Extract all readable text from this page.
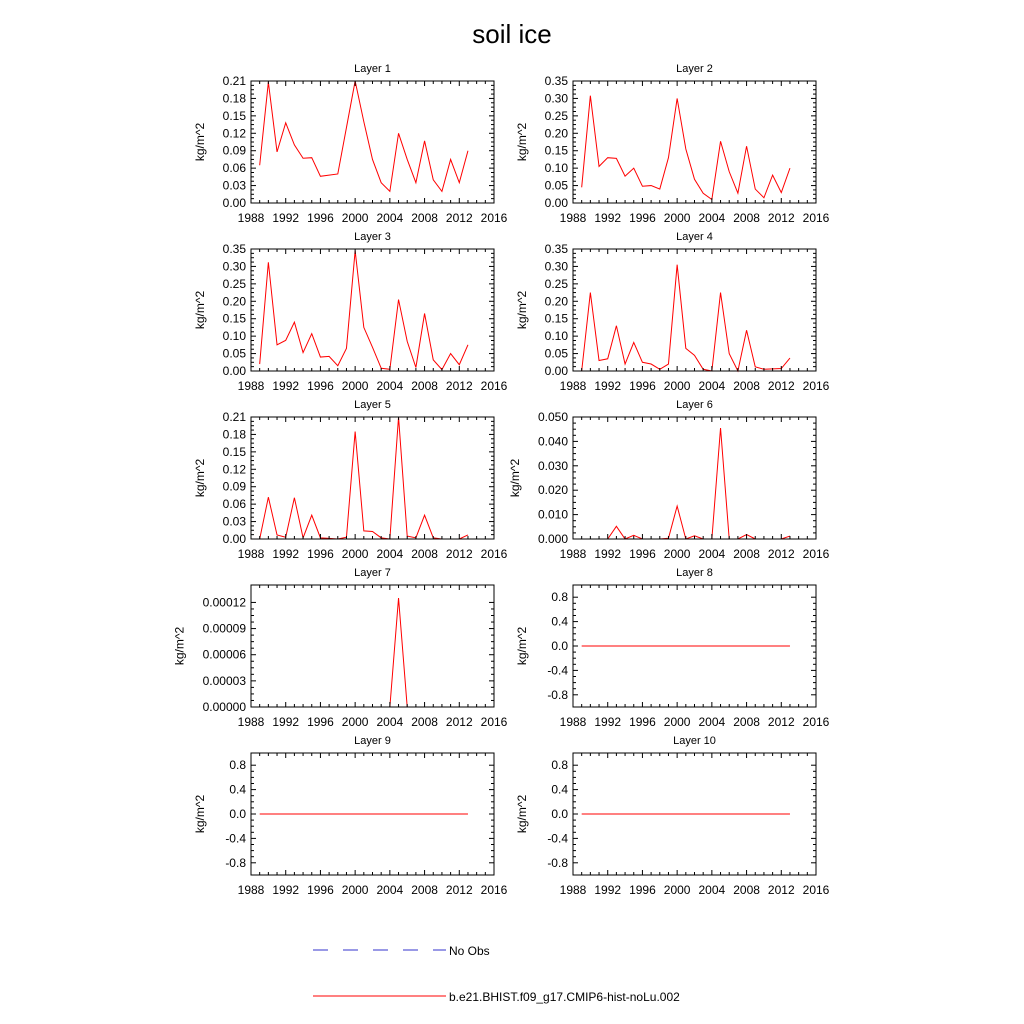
soil ice
1988 1992 1996 2000 2004 2008 2012 2016
0.00
0.03
0.06
0.09
0.12
0.15
0.18
0.21
Layer 1
kg/m^2
1988 1992 1996 2000 2004 2008 2012 2016
0.00
0.05
0.10
0.15
0.20
0.25
0.30
0.35
Layer 2
kg/m^2
1988 1992 1996 2000 2004 2008 2012 2016
0.00
0.05
0.10
0.15
0.20
0.25
0.30
0.35
Layer 3
kg/m^2
1988 1992 1996 2000 2004 2008 2012 2016
0.00
0.05
0.10
0.15
0.20
0.25
0.30
0.35
Layer 4
kg/m^2
1988 1992 1996 2000 2004 2008 2012 2016
0.00
0.03
0.06
0.09
0.12
0.15
0.18
0.21
Layer 5
kg/m^2
1988 1992 1996 2000 2004 2008 2012 2016
0.000
0.010
0.020
0.030
0.040
0.050
Layer 6
kg/m^2
1988 1992 1996 2000 2004 2008 2012 2016
0.00000
0.00003
0.00006
0.00009
0.00012
Layer 7
kg/m^2
1988 1992 1996 2000 2004 2008 2012 2016
-0.8
-0.4
0.0
0.4
0.8
Layer 8
kg/m^2
1988 1992 1996 2000 2004 2008 2012 2016
-0.8
-0.4
0.0
0.4
0.8
Layer 9
kg/m^2
1988 1992 1996 2000 2004 2008 2012 2016
-0.8
-0.4
0.0
0.4
0.8
Layer 10
kg/m^2
No Obs
b.e21.BHIST.f09_g17.CMIP6-hist-noLu.002
